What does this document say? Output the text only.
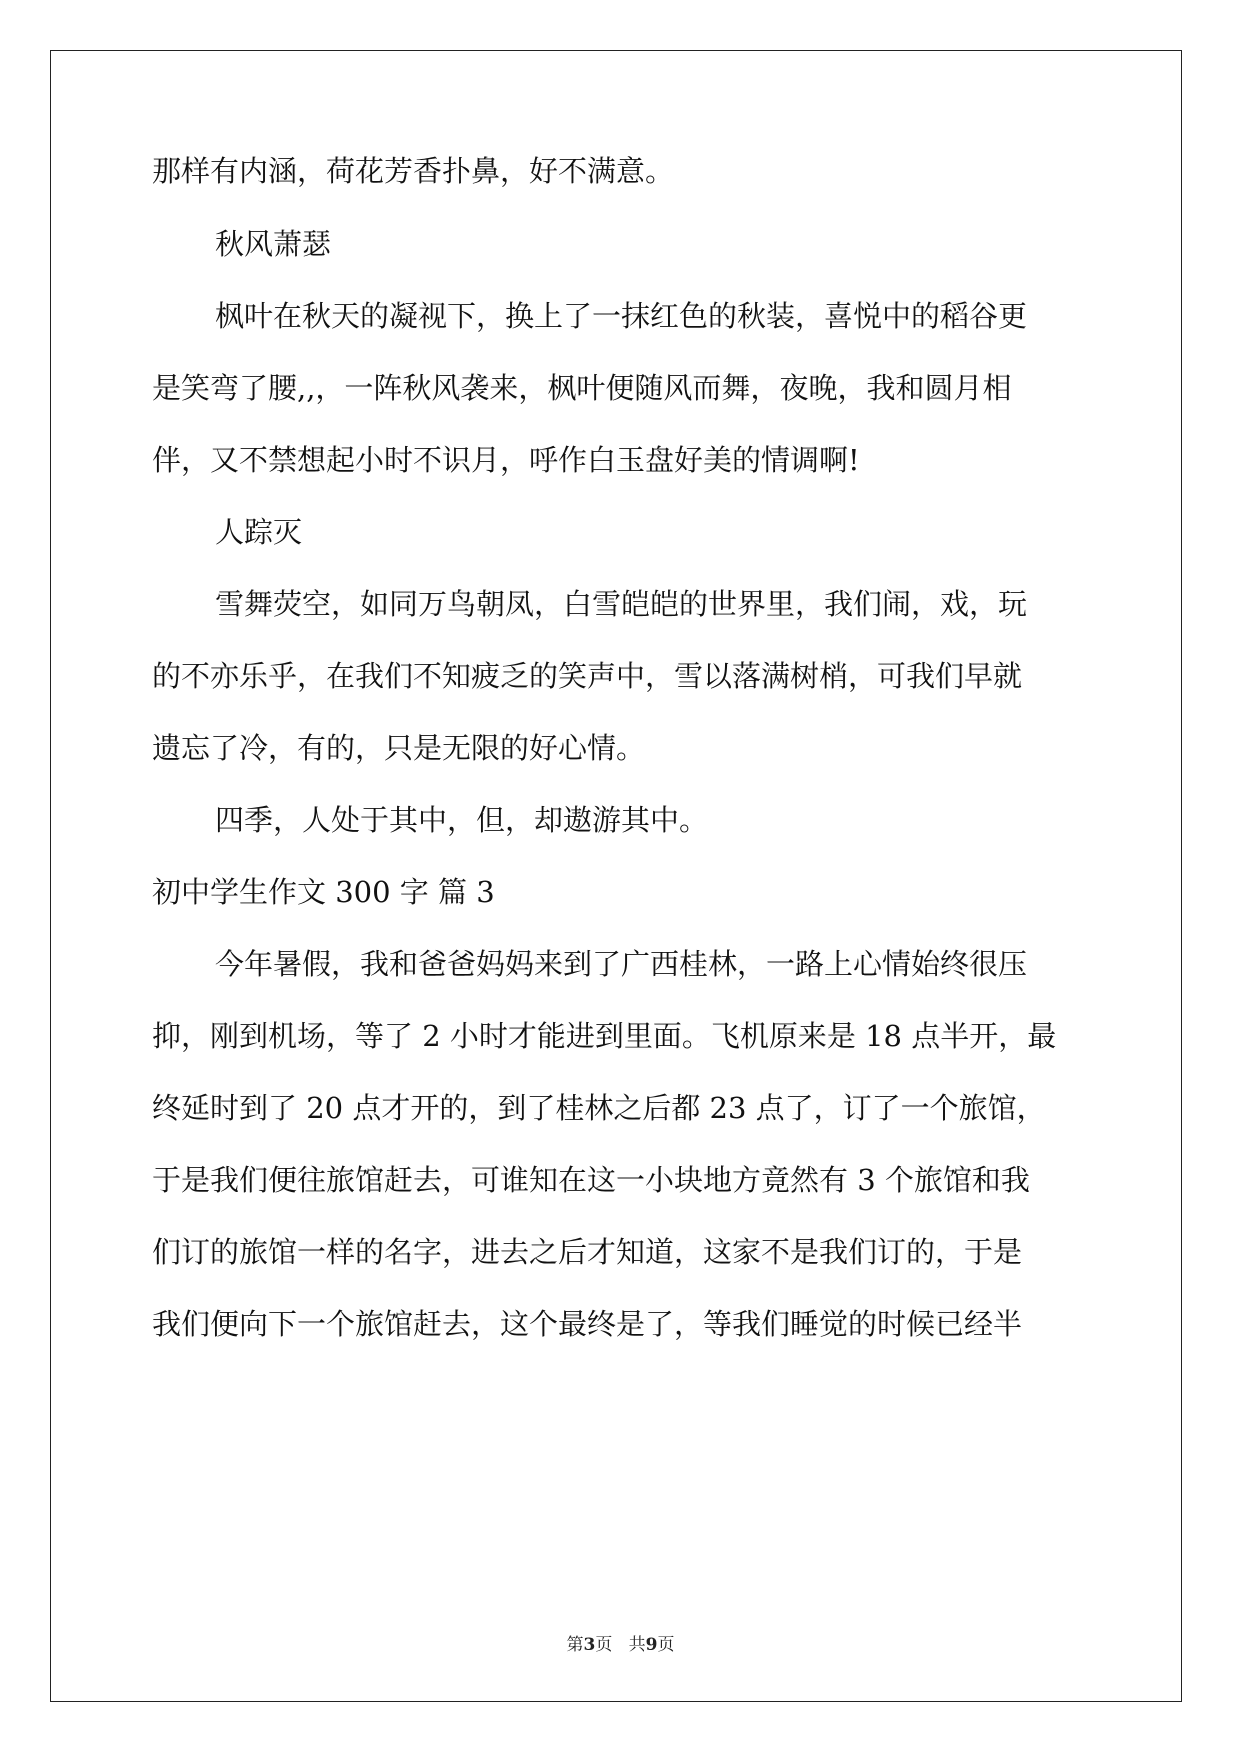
那样有内涵，荷花芳香扑鼻，好不满意。
秋风萧瑟
枫叶在秋天的凝视下，换上了一抹红色的秋装，喜悦中的稻谷更
是笑弯了腰,,，一阵秋风袭来，枫叶便随风而舞，夜晚，我和圆月相
伴，又不禁想起小时不识月，呼作白玉盘好美的情调啊!
人踪灭
雪舞荧空，如同万鸟朝凤，白雪皑皑的世界里，我们闹，戏，玩
的不亦乐乎，在我们不知疲乏的笑声中，雪以落满树梢，可我们早就
遗忘了冷，有的，只是无限的好心情。
四季，人处于其中，但，却遨游其中。
初中学生作文 300 字 篇 3
今年暑假，我和爸爸妈妈来到了广西桂林，一路上心情始终很压
抑，刚到机场，等了 2 小时才能进到里面。飞机原来是 18 点半开，最
终延时到了 20 点才开的，到了桂林之后都 23 点了，订了一个旅馆，
于是我们便往旅馆赶去，可谁知在这一小块地方竟然有 3 个旅馆和我
们订的旅馆一样的名字，进去之后才知道，这家不是我们订的，于是
我们便向下一个旅馆赶去，这个最终是了，等我们睡觉的时候已经半
第3页   共9页
